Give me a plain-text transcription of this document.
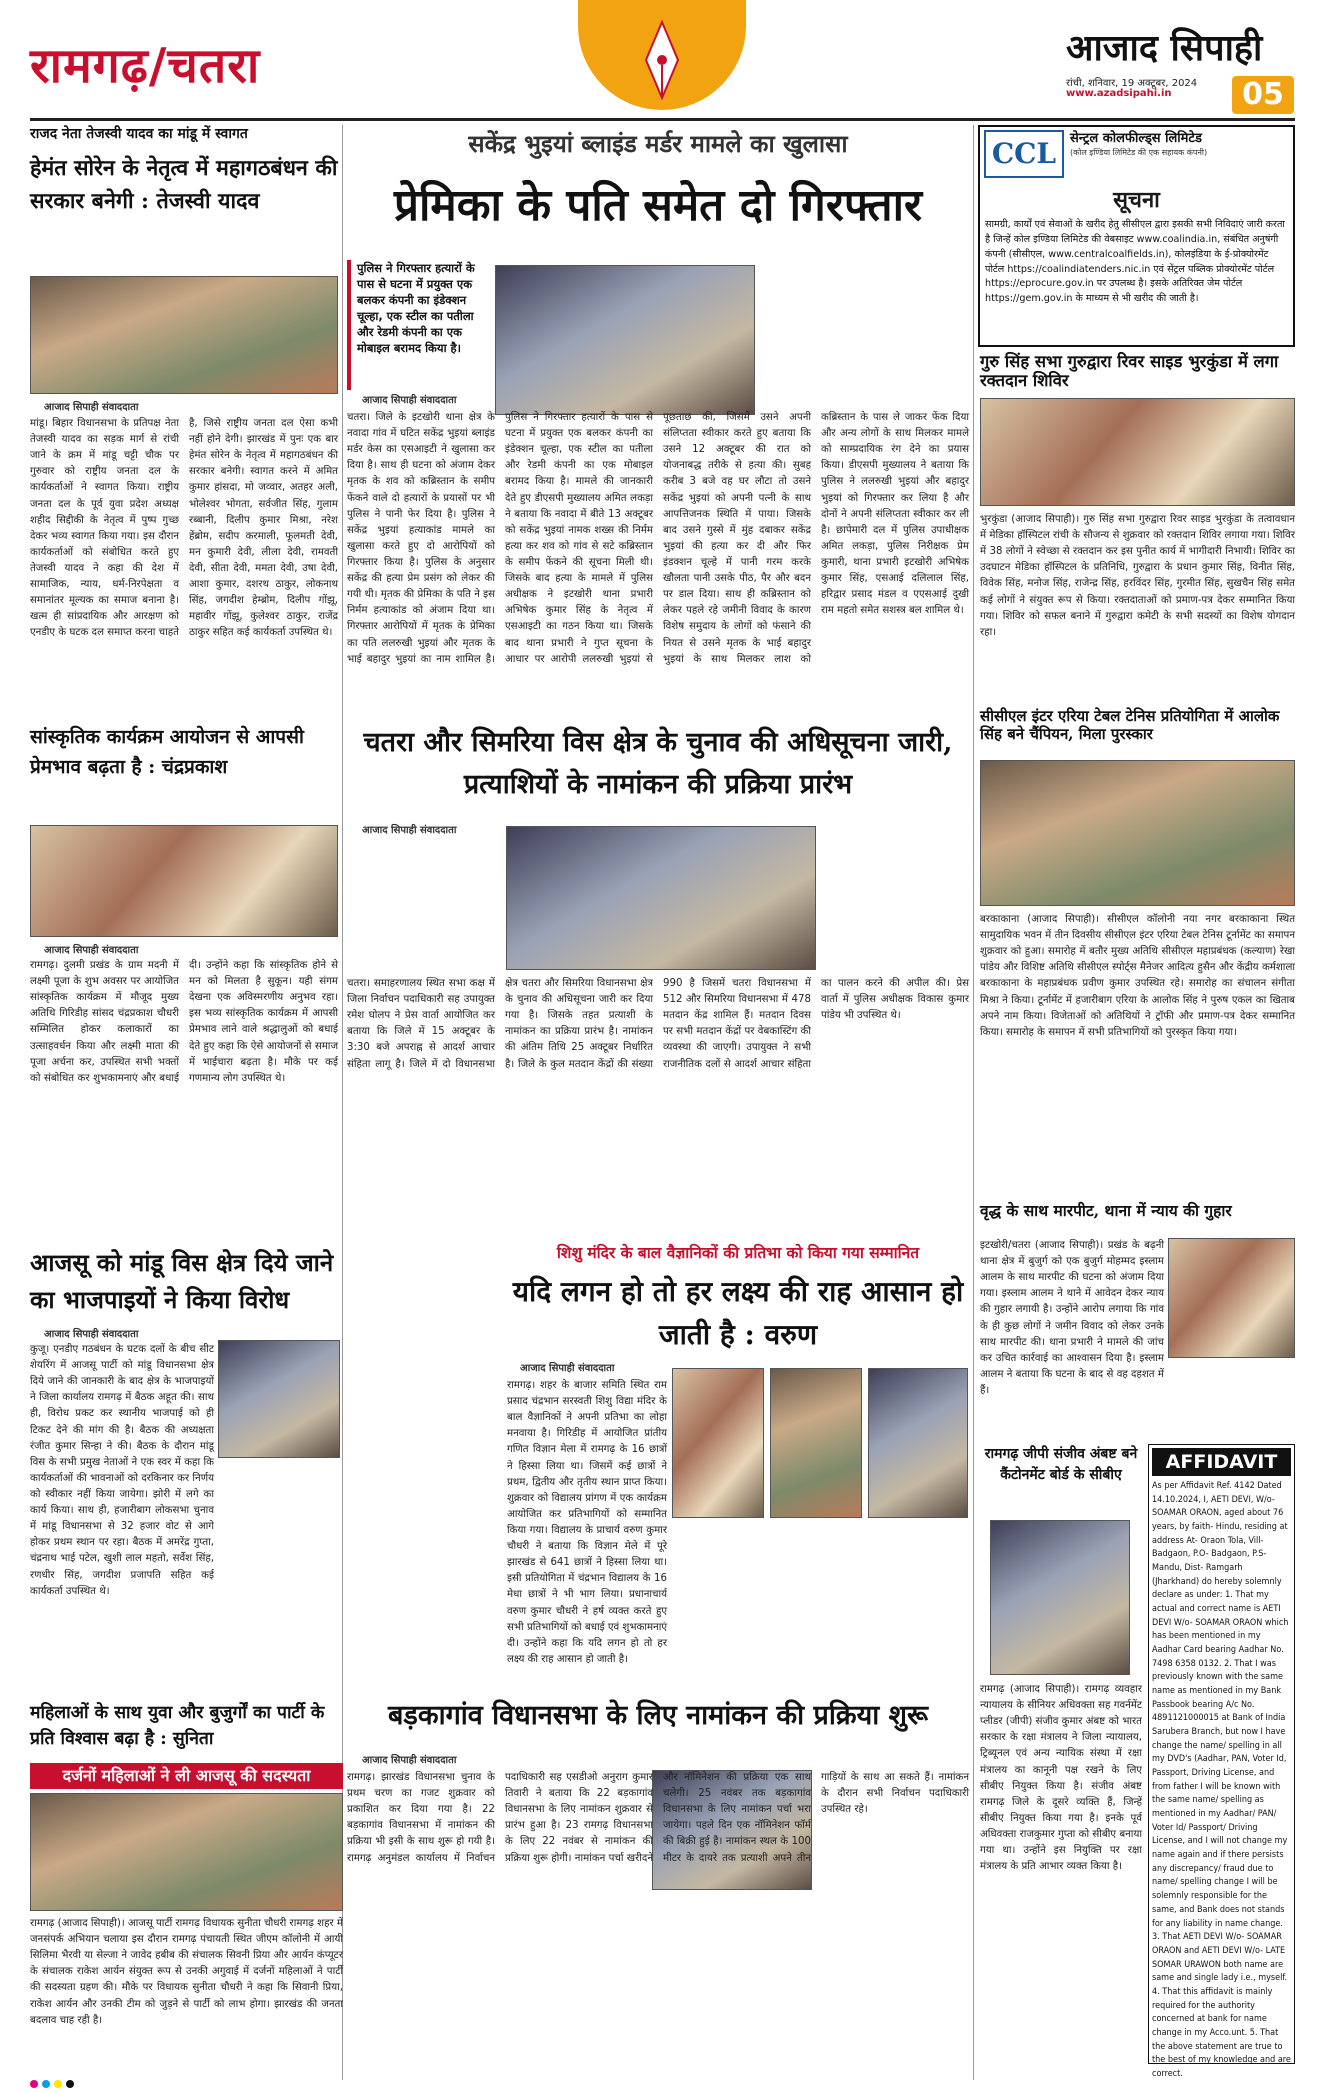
रामगढ़/चतरा	आजाद सिपाही
रांची, शनिवार, 19 अक्टूबर, 2024
www.azadsipahi.in	05
राजद नेता तेजस्वी यादव का मांडू में स्वागत
हेमंत सोरेन के नेतृत्व में महागठबंधन की सरकार बनेगी : तेजस्वी यादव
आजाद सिपाही संवाददाता
मांडू। बिहार विधानसभा के प्रतिपक्ष नेता तेजस्वी यादव का सड़क मार्ग से रांची जाने के क्रम में मांडू चट्टी चौक पर गुरुवार को राष्ट्रीय जनता दल के कार्यकर्ताओं ने स्वागत किया। राष्ट्रीय जनता दल के पूर्व युवा प्रदेश अध्यक्ष शहीद सिद्दीकी के नेतृत्व में पुष्प गुच्छ देकर भव्य स्वागत किया गया। इस दौरान कार्यकर्ताओं को संबोधित करते हुए तेजस्वी यादव ने कहा की देश में सामाजिक, न्याय, धर्म-निरपेक्षता व समानांतर मूल्यक का समाज बनाना है। खत्म ही सांप्रदायिक और आरक्षण को एनडीए के घटक दल समाप्त करना चाहते है, जिसे राष्ट्रीय जनता दल ऐसा कभी नहीं होने देगी। झारखंड में पुनः एक बार हेमंत सोरेन के नेतृत्व में महागठबंधन की सरकार बनेगी। स्वागत करने में अमित कुमार हांसदा, मो जव्वार, अतहर अली, भोलेश्वर भोगता, सर्वजीत सिंह, गुलाम रब्बानी, दिलीप कुमार मिश्रा, नरेश हेंब्रोम, सदीप करमाली, फूलमती देवी, मन कुमारी देवी, लीला देवी, रामवती देवी, सीता देवी, ममता देवी, उषा देवी, आशा कुमार, दशरथ ठाकुर, लोकनाथ सिंह, जगदीश हेम्ब्रोम, दिलीप गोंझू, महावीर गोंझू, कुलेश्वर ठाकुर, राजेंद्र ठाकुर सहित कई कार्यकर्ता उपस्थित थे।
सकेंद्र भुइयां ब्लाइंड मर्डर मामले का खुलासा
प्रेमिका के पति समेत दो गिरफ्तार
पुलिस ने गिरफ्तार हत्यारों के पास से घटना में प्रयुक्त एक बलकर कंपनी का इंडेक्शन चूल्हा, एक स्टील का पतीला और रेडमी कंपनी का एक मोबाइल बरामद किया है।
आजाद सिपाही संवाददाता
चतरा। जिले के इटखोरी थाना क्षेत्र के नवादा गांव में घटित सकेंद्र भुइयां ब्लाइंड मर्डर केस का एसआइटी ने खुलासा कर दिया है। साथ ही घटना को अंजाम देकर मृतक के शव को कब्रिस्तान के समीप फेंकने वाले दो हत्यारों के प्रयासों पर भी पुलिस ने पानी फेर दिया है। पुलिस ने सकेंद्र भुइयां हत्याकांड मामले का खुलासा करते हुए दो आरोपियों को गिरफ्तार किया है। पुलिस के अनुसार सकेंद्र की हत्या प्रेम प्रसंग को लेकर की गयी थी। मृतक की प्रेमिका के पति ने इस निर्मम हत्याकांड को अंजाम दिया था। गिरफ्तार आरोपियों में मृतक के प्रेमिका का पति ललरुखी भुइयां और मृतक के भाई बहादुर भुइयां का नाम शामिल है। पुलिस ने गिरफ्तार हत्यारों के पास से घटना में प्रयुक्त एक बलकर कंपनी का इंडेक्शन चूल्हा, एक स्टील का पतीला और रेडमी कंपनी का एक मोबाइल बरामद किया है। मामले की जानकारी देते हुए डीएसपी मुख्यालय अमित लकड़ा ने बताया कि नवादा में बीते 13 अक्टूबर को सकेंद्र भुइयां नामक शख्स की निर्मम हत्या कर शव को गांव से सटे कब्रिस्तान के समीप फेंकने की सूचना मिली थी। जिसके बाद हत्या के मामले में पुलिस अधीक्षक ने इटखोरी थाना प्रभारी अभिषेक कुमार सिंह के नेतृत्व में एसआइटी का गठन किया था। जिसके बाद थाना प्रभारी ने गुप्त सूचना के आधार पर आरोपी ललरुखी भुइयां से पूछताछ की, जिसमें उसने अपनी संलिप्तता स्वीकार करते हुए बताया कि उसने 12 अक्टूबर की रात को योजनाबद्ध तरीके से हत्या की। सुबह करीब 3 बजे वह घर लौटा तो उसने सकेंद्र भुइयां को अपनी पत्नी के साथ आपत्तिजनक स्थिति में पाया। जिसके बाद उसने गुस्से में मुंह दबाकर सकेंद्र भुइयां की हत्या कर दी और फिर इंडक्शन चूल्हे में पानी गरम करके खौलता पानी उसके पीठ, पैर और बदन पर डाल दिया। साथ ही कब्रिस्तान को लेकर पहले रहे जमीनी विवाद के कारण विशेष समुदाय के लोगों को फंसाने की नियत से उसने मृतक के भाई बहादुर भुइयां के साथ मिलकर लाश को कब्रिस्तान के पास ले जाकर फेंक दिया और अन्य लोगों के साथ मिलकर मामले को साम्प्रदायिक रंग देने का प्रयास किया। डीएसपी मुख्यालय ने बताया कि पुलिस ने ललरुखी भुइयां और बहादुर भुइयां को गिरफ्तार कर लिया है और दोनों ने अपनी संलिप्तता स्वीकार कर ली है। छापेमारी दल में पुलिस उपाधीक्षक अमित लकड़ा, पुलिस निरीक्षक प्रेम कुमारी, थाना प्रभारी इटखोरी अभिषेक कुमार सिंह, एसआई दलिलाल सिंह, हरिद्वार प्रसाद मंडल व एएसआई दुखी राम महतो समेत सशस्त्र बल शामिल थे।
CCL	सेन्ट्रल कोलफील्ड्स लिमिटेड
(कोल इण्डिया लिमिटेड की एक सहायक कंपनी)
सूचना
सामग्री, कार्यों एवं सेवाओं के खरीद हेतु सीसीएल द्वारा इसकी सभी निविदाएं जारी करता है जिन्हें कोल इण्डिया लिमिटेड की वेबसाइट www.coalindia.in, संबंधित अनुषंगी कंपनी (सीसीएल, www.centralcoalfields.in), कोलइंडिया के ई-प्रोक्योरमेंट पोर्टल https://coalindiatenders.nic.in एवं सेंट्रल पब्लिक प्रोक्योरमेंट पोर्टल https://eprocure.gov.in पर उपलब्ध है। इसके अतिरिक्त जेम पोर्टल https://gem.gov.in के माध्यम से भी खरीद की जाती है।
गुरु सिंह सभा गुरुद्वारा रिवर साइड भुरकुंडा में लगा रक्तदान शिविर
भुरकुंडा (आजाद सिपाही)। गुरु सिंह सभा गुरुद्वारा रिवर साइड भुरकुंडा के तत्वावधान में मेडिका हॉस्पिटल रांची के सौजन्य से शुक्रवार को रक्तदान शिविर लगाया गया। शिविर में 38 लोगों ने स्वेच्छा से रक्तदान कर इस पुनीत कार्य में भागीदारी निभायी। शिविर का उदघाटन मेडिका हॉस्पिटल के प्रतिनिधि, गुरुद्वारा के प्रधान कुमार सिंह, विनीत सिंह, विवेक सिंह, मनोज सिंह, राजेन्द्र सिंह, हरविंदर सिंह, गुरमीत सिंह, सुखचैन सिंह समेत कई लोगों ने संयुक्त रूप से किया। रक्तदाताओं को प्रमाण-पत्र देकर सम्मानित किया गया। शिविर को सफल बनाने में गुरुद्वारा कमेटी के सभी सदस्यों का विशेष योगदान रहा।
सांस्कृतिक कार्यक्रम आयोजन से आपसी प्रेमभाव बढ़ता है : चंद्रप्रकाश
आजाद सिपाही संवाददाता
रामगढ़। दुलमी प्रखंड के ग्राम मदनी में लक्ष्मी पूजा के शुभ अवसर पर आयोजित सांस्कृतिक कार्यक्रम में मौजूद मुख्य अतिथि गिरिडीह सांसद चंद्रप्रकाश चौधरी सम्मिलित होकर कलाकारों का उत्साहवर्धन किया और लक्ष्मी माता की पूजा अर्चना कर, उपस्थित सभी भक्तों को संबोधित कर शुभकामनाएं और बधाई दी। उन्होंने कहा कि सांस्कृतिक होने से मन को मिलता है सुकून। यही संगम देखना एक अविस्मरणीय अनुभव रहा। इस भव्य सांस्कृतिक कार्यक्रम में आपसी प्रेमभाव लाने वाले श्रद्धालुओं को बधाई देते हुए कहा कि ऐसे आयोजनों से समाज में भाईचारा बढ़ता है। मौके पर कई गणमान्य लोग उपस्थित थे।
चतरा और सिमरिया विस क्षेत्र के चुनाव की अधिसूचना जारी, प्रत्याशियों के नामांकन की प्रक्रिया प्रारंभ
आजाद सिपाही संवाददाता
चतरा। समाहरणालय स्थित सभा कक्ष में जिला निर्वाचन पदाधिकारी सह उपायुक्त रमेश घोलप ने प्रेस वार्ता आयोजित कर बताया कि जिले में 15 अक्टूबर के 3:30 बजे अपराह्न से आदर्श आचार संहिता लागू है। जिले में दो विधानसभा क्षेत्र चतरा और सिमरिया विधानसभा क्षेत्र के चुनाव की अधिसूचना जारी कर दिया गया है। जिसके तहत प्रत्याशी के नामांकन का प्रक्रिया प्रारंभ है। नामांकन की अंतिम तिथि 25 अक्टूबर निर्धारित है। जिले के कुल मतदान केंद्रों की संख्या 990 है जिसमें चतरा विधानसभा में 512 और सिमरिया विधानसभा में 478 मतदान केंद्र शामिल हैं। मतदान दिवस पर सभी मतदान केंद्रों पर वेबकास्टिंग की व्यवस्था की जाएगी। उपायुक्त ने सभी राजनीतिक दलों से आदर्श आचार संहिता का पालन करने की अपील की। प्रेस वार्ता में पुलिस अधीक्षक विकास कुमार पांडेय भी उपस्थित थे।
सीसीएल इंटर एरिया टेबल टेनिस प्रतियोगिता में आलोक सिंह बने चैंपियन, मिला पुरस्कार
बरकाकाना (आजाद सिपाही)। सीसीएल कॉलोनी नया नगर बरकाकाना स्थित सामुदायिक भवन में तीन दिवसीय सीसीएल इंटर एरिया टेबल टेनिस टूर्नामेंट का समापन शुक्रवार को हुआ। समारोह में बतौर मुख्य अतिथि सीसीएल महाप्रबंधक (कल्याण) रेखा पांडेय और विशिष्ट अतिथि सीसीएल स्पोर्ट्स मैनेजर आदित्य हुसैन और केंद्रीय कर्मशाला बरकाकाना के महाप्रबंधक प्रवीण कुमार उपस्थित रहे। समारोह का संचालन संगीता मिश्रा ने किया। टूर्नामेंट में हजारीबाग एरिया के आलोक सिंह ने पुरुष एकल का खिताब अपने नाम किया। विजेताओं को अतिथियों ने ट्रॉफी और प्रमाण-पत्र देकर सम्मानित किया। समारोह के समापन में सभी प्रतिभागियों को पुरस्कृत किया गया।
आजसू को मांडू विस क्षेत्र दिये जाने का भाजपाइयों ने किया विरोध
आजाद सिपाही संवाददाता
कुजू। एनडीए गठबंधन के घटक दलों के बीच सीट शेयरिंग में आजसू पार्टी को मांडू विधानसभा क्षेत्र दिये जाने की जानकारी के बाद क्षेत्र के भाजपाइयों ने जिला कार्यालय रामगढ़ में बैठक अहूत की। साथ ही, विरोध प्रकट कर स्थानीय भाजपाई को ही टिकट देने की मांग की है। बैठक की अध्यक्षता रंजीत कुमार सिन्हा ने की। बैठक के दौरान मांडू विस के सभी प्रमुख नेताओं ने एक स्वर में कहा कि कार्यकर्ताओं की भावनाओं को दरकिनार कर निर्णय को स्वीकार नहीं किया जायेगा। झोरी में लगे का कार्य किया। साथ ही, हजारीबाग लोकसभा चुनाव में मांडू विधानसभा से 32 हजार वोट से आगे होकर प्रथम स्थान पर रहा। बैठक में अमरेंद्र गुप्ता, चंद्रनाथ भाई पटेल, खुशी लाल महतो, सर्वेश सिंह, रणधीर सिंह, जगदीश प्रजापति सहित कई कार्यकर्ता उपस्थित थे।
शिशु मंदिर के बाल वैज्ञानिकों की प्रतिभा को किया गया सम्मानित
यदि लगन हो तो हर लक्ष्य की राह आसान हो जाती है : वरुण
आजाद सिपाही संवाददाता
रामगढ़। शहर के बाजार समिति स्थित राम प्रसाद चंद्रभान सरस्वती शिशु विद्या मंदिर के बाल वैज्ञानिकों ने अपनी प्रतिभा का लोहा मनवाया है। गिरिडीह में आयोजित प्रांतीय गणित विज्ञान मेला में रामगढ़ के 16 छात्रों ने हिस्सा लिया था। जिसमें कई छात्रों ने प्रथम, द्वितीय और तृतीय स्थान प्राप्त किया। शुक्रवार को विद्यालय प्रांगण में एक कार्यक्रम आयोजित कर प्रतिभागियों को सम्मानित किया गया। विद्यालय के प्राचार्य वरुण कुमार चौधरी ने बताया कि विज्ञान मेले में पूरे झारखंड से 641 छात्रों ने हिस्सा लिया था। इसी प्रतियोगिता में चंद्रभान विद्यालय के 16 मेधा छात्रों ने भी भाग लिया। प्रधानाचार्य वरुण कुमार चौधरी ने हर्ष व्यक्त करते हुए सभी प्रतिभागियों को बधाई एवं शुभकामनाएं दी। उन्होंने कहा कि यदि लगन हो तो हर लक्ष्य की राह आसान हो जाती है।
वृद्ध के साथ मारपीट, थाना में न्याय की गुहार
इटखोरी/चतरा (आजाद सिपाही)। प्रखंड के बढ़नी थाना क्षेत्र में बुजुर्ग को एक बुजुर्ग मोहम्मद इस्लाम आलम के साथ मारपीट की घटना को अंजाम दिया गया। इस्लाम आलम ने थाने में आवेदन देकर न्याय की गुहार लगायी है। उन्होंने आरोप लगाया कि गांव के ही कुछ लोगों ने जमीन विवाद को लेकर उनके साथ मारपीट की। थाना प्रभारी ने मामले की जांच कर उचित कार्रवाई का आश्वासन दिया है। इस्लाम आलम ने बताया कि घटना के बाद से वह दहशत में हैं।
रामगढ़ जीपी संजीव अंबष्ट बने कैंटोनमेंट बोर्ड के सीबीए
रामगढ़ (आजाद सिपाही)। रामगढ़ व्यवहार न्यायालय के सीनियर अधिवक्ता सह गवर्नमेंट प्लीडर (जीपी) संजीव कुमार अंबष्ट को भारत सरकार के रक्षा मंत्रालय ने जिला न्यायालय, ट्रिब्यूनल एवं अन्य न्यायिक संस्था में रक्षा मंत्रालय का कानूनी पक्ष रखने के लिए सीबीए नियुक्त किया है। संजीव अंबष्ट रामगढ़ जिले के दूसरे व्यक्ति हैं, जिन्हें सीबीए नियुक्त किया गया है। इनके पूर्व अधिवक्ता राजकुमार गुप्ता को सीबीए बनाया गया था। उन्होंने इस नियुक्ति पर रक्षा मंत्रालय के प्रति आभार व्यक्त किया है।
AFFIDAVIT
As per Affidavit Ref. 4142 Dated 14.10.2024, I, AETI DEVI, W/o- SOAMAR ORAON, aged about 76 years, by faith- Hindu, residing at address At- Oraon Tola, Vill- Badgaon, P.O- Badgaon, P.S- Mandu, Dist- Ramgarh (Jharkhand) do hereby solemnly declare as under: 1. That my actual and correct name is AETI DEVI W/o- SOAMAR ORAON which has been mentioned in my Aadhar Card bearing Aadhar No. 7498 6358 0132. 2. That I was previously known with the same name as mentioned in my Bank Passbook bearing A/c No. 4891121000015 at Bank of India Sarubera Branch, but now I have change the name/ spelling in all my DVD's (Aadhar, PAN, Voter Id, Passport, Driving License, and from father I will be known with the same name/ spelling as mentioned in my Aadhar/ PAN/ Voter Id/ Passport/ Driving License, and I will not change my name again and if there persists any discrepancy/ fraud due to name/ spelling change I will be solemnly responsible for the same, and Bank does not stands for any liability in name change. 3. That AETI DEVI W/o- SOAMAR ORAON and AETI DEVI W/o- LATE SOMAR URAWON both name are same and single lady i.e., myself. 4. That this affidavit is mainly required for the authority concerned at bank for name change in my Acco.unt. 5. That the above statement are true to the best of my knowledge and are correct.
महिलाओं के साथ युवा और बुजुर्गों का पार्टी के प्रति विश्वास बढ़ा है : सुनिता
दर्जनों महिलाओं ने ली आजसू की सदस्यता
रामगढ़ (आजाद सिपाही)। आजसू पार्टी रामगढ़ विधायक सुनीता चौधरी रामगढ़ शहर में जनसंपर्क अभियान चलाया इस दौरान रामगढ़ पंचायती स्थित जीएम कॉलोनी में आयी सिलिमा भैरवी या सेल्जा ने जावेद हबीब की संचालक सिवनी प्रिया और आर्यन कंप्यूटर के संचालक राकेश आर्यन संयुक्त रूप से उनकी अगुवाई में दर्जनों महिलाओं ने पार्टी की सदस्यता ग्रहण की। मौके पर विधायक सुनीता चौधरी ने कहा कि सिवानी प्रिया, राकेश आर्यन और उनकी टीम को जुड़ने से पार्टी को लाभ होगा। झारखंड की जनता बदलाव चाह रही है।
बड़कागांव विधानसभा के लिए नामांकन की प्रक्रिया शुरू
आजाद सिपाही संवाददाता
रामगढ़। झारखंड विधानसभा चुनाव के प्रथम चरण का गजट शुक्रवार को प्रकाशित कर दिया गया है। 22 बड़कागांव विधानसभा में नामांकन की प्रक्रिया भी इसी के साथ शुरू हो गयी है। रामगढ़ अनुमंडल कार्यालय में निर्वाचन पदाधिकारी सह एसडीओ अनुराग कुमार तिवारी ने बताया कि 22 बड़कागांव विधानसभा के लिए नामांकन शुक्रवार से प्रारंभ हुआ है। 23 रामगढ़ विधानसभा के लिए 22 नवंबर से नामांकन की प्रक्रिया शुरू होगी। नामांकन पर्चा खरीदने और नॉमिनेशन की प्रक्रिया एक साथ चलेगी। 25 नवंबर तक बड़कागांव विधानसभा के लिए नामांकन पर्चा भरा जायेगा। पहले दिन एक नॉमिनेशन फॉर्म की बिक्री हुई है। नामांकन स्थल के 100 मीटर के दायरे तक प्रत्याशी अपने तीन गाड़ियों के साथ आ सकते हैं। नामांकन के दौरान सभी निर्वाचन पदाधिकारी उपस्थित रहे।
